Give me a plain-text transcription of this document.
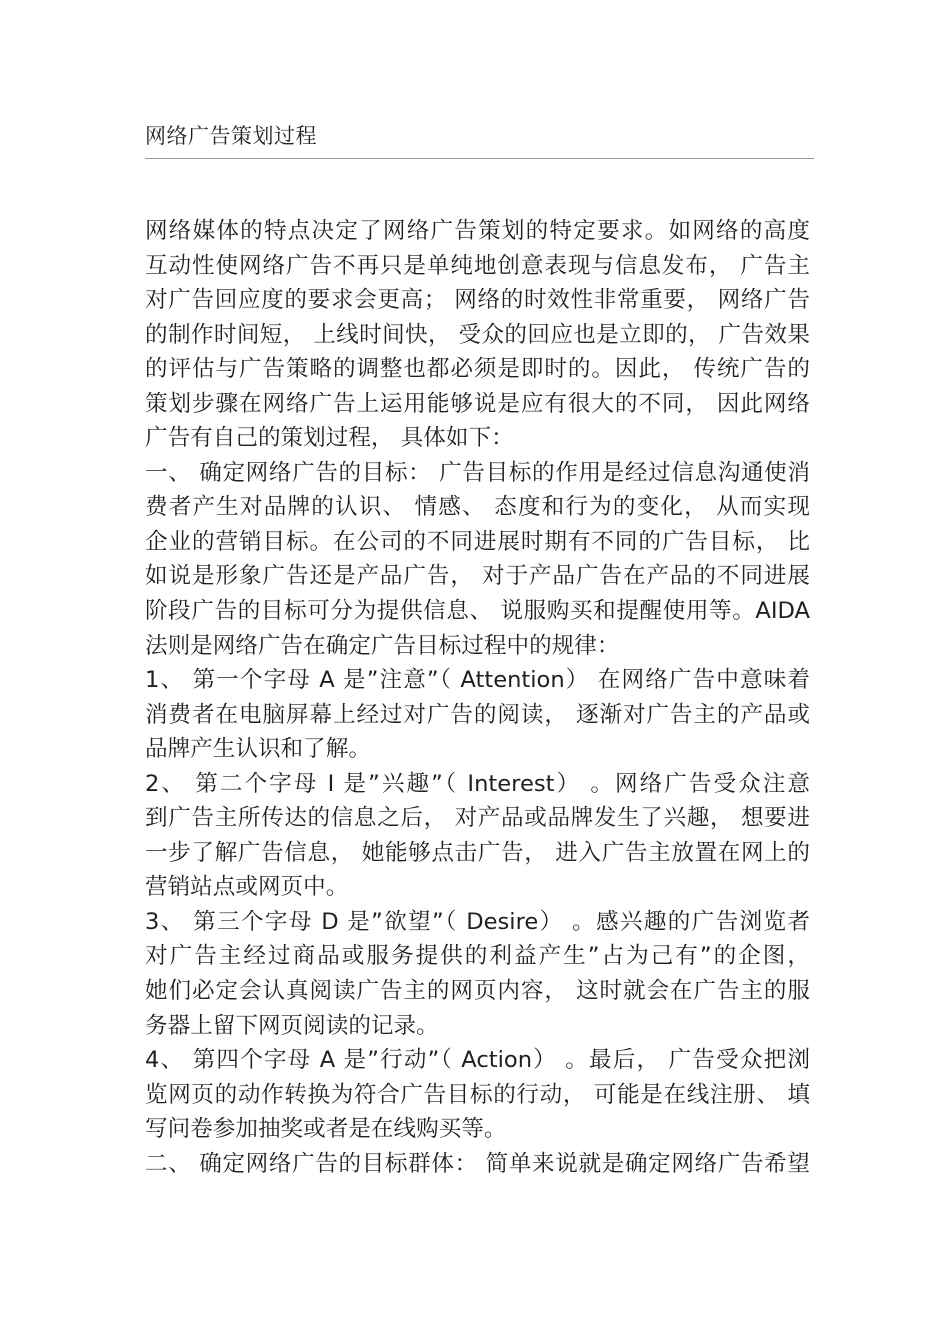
网络广告策划过程
网络媒体的特点决定了网络广告策划的特定要求。如网络的高度
互动性使网络广告不再只是单纯地创意表现与信息发布， 广告主
对广告回应度的要求会更高； 网络的时效性非常重要， 网络广告
的制作时间短， 上线时间快， 受众的回应也是立即的， 广告效果
的评估与广告策略的调整也都必须是即时的。因此， 传统广告的
策划步骤在网络广告上运用能够说是应有很大的不同， 因此网络
广告有自己的策划过程， 具体如下：
一、 确定网络广告的目标： 广告目标的作用是经过信息沟通使消
费者产生对品牌的认识、 情感、 态度和行为的变化， 从而实现
企业的营销目标。在公司的不同进展时期有不同的广告目标， 比
如说是形象广告还是产品广告， 对于产品广告在产品的不同进展
阶段广告的目标可分为提供信息、 说服购买和提醒使用等。AIDA
法则是网络广告在确定广告目标过程中的规律：
1、 第一个字母 A 是”注意”（ Attention） 在网络广告中意味着
消费者在电脑屏幕上经过对广告的阅读， 逐渐对广告主的产品或
品牌产生认识和了解。
2、 第二个字母 I 是”兴趣”（ Interest） 。网络广告受众注意
到广告主所传达的信息之后， 对产品或品牌发生了兴趣， 想要进
一步了解广告信息， 她能够点击广告， 进入广告主放置在网上的
营销站点或网页中。
3、 第三个字母 D 是”欲望”（ Desire） 。感兴趣的广告浏览者
对广告主经过商品或服务提供的利益产生”占为己有”的企图，
她们必定会认真阅读广告主的网页内容， 这时就会在广告主的服
务器上留下网页阅读的记录。
4、 第四个字母 A 是”行动”（ Action） 。最后， 广告受众把浏
览网页的动作转换为符合广告目标的行动， 可能是在线注册、 填
写问卷参加抽奖或者是在线购买等。
二、 确定网络广告的目标群体： 简单来说就是确定网络广告希望
